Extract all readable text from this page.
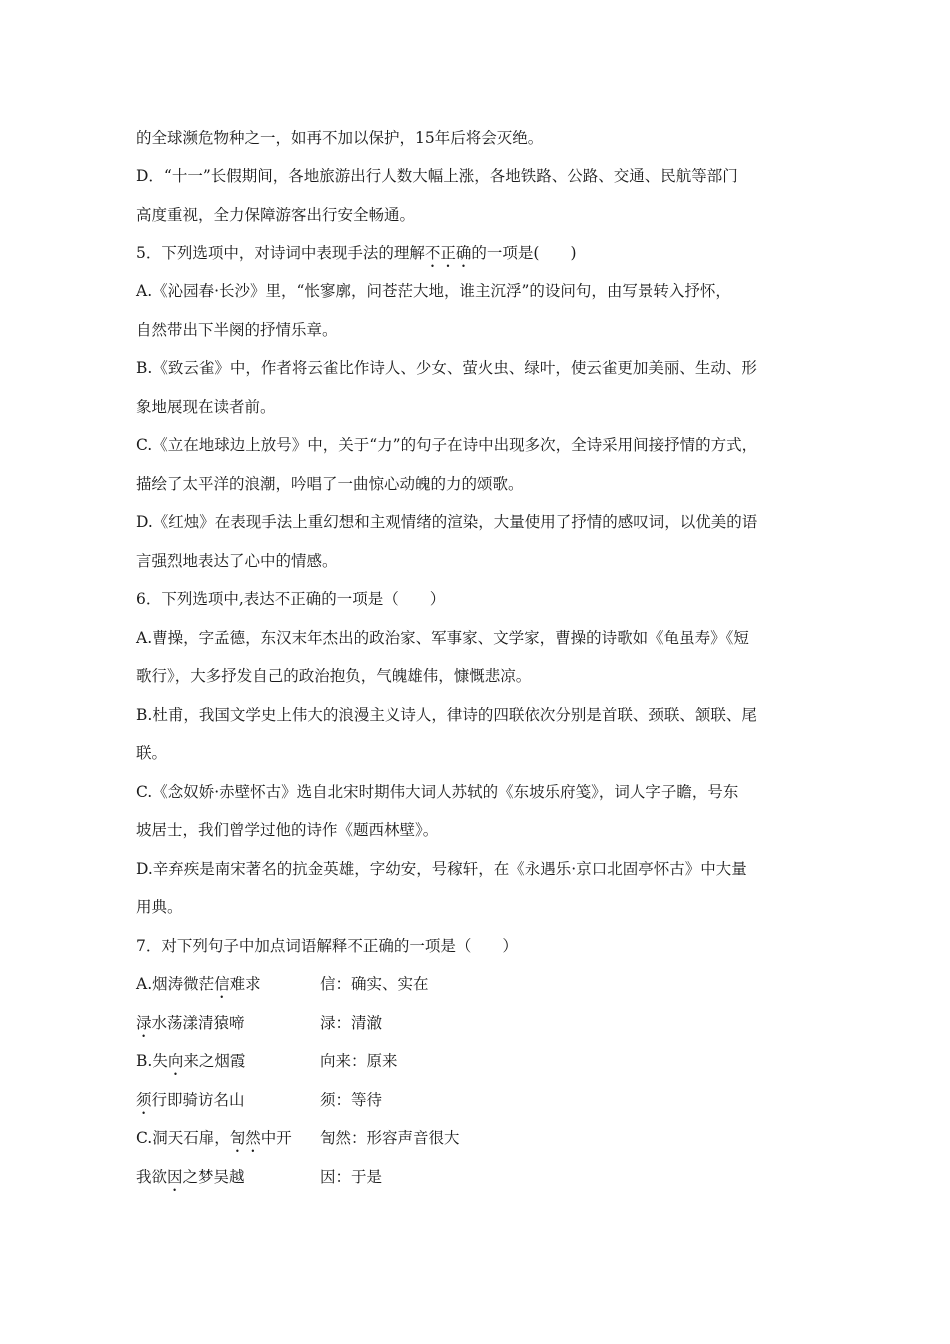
的全球濒危物种之一，如再不加以保护，15年后将会灭绝。
D．“十一”长假期间，各地旅游出行人数大幅上涨，各地铁路、公路、交通、民航等部门
高度重视，全力保障游客出行安全畅通。
5．下列选项中，对诗词中表现手法的理解不正确的一项是(　　)
A.《沁园春·长沙》里，“怅寥廓，问苍茫大地，谁主沉浮”的设问句，由写景转入抒怀，
自然带出下半阕的抒情乐章。
B.《致云雀》中，作者将云雀比作诗人、少女、萤火虫、绿叶，使云雀更加美丽、生动、形
象地展现在读者前。
C.《立在地球边上放号》中，关于“力”的句子在诗中出现多次，全诗采用间接抒情的方式，
描绘了太平洋的浪潮，吟唱了一曲惊心动魄的力的颂歌。
D.《红烛》在表现手法上重幻想和主观情绪的渲染，大量使用了抒情的感叹词，以优美的语
言强烈地表达了心中的情感。
6．下列选项中,表达不正确的一项是（　　）
A.曹操，字孟德，东汉末年杰出的政治家、军事家、文学家，曹操的诗歌如《龟虽寿》《短
歌行》，大多抒发自己的政治抱负，气魄雄伟，慷慨悲凉。
B.杜甫，我国文学史上伟大的浪漫主义诗人，律诗的四联依次分别是首联、颈联、颔联、尾
联。
C.《念奴娇·赤壁怀古》选自北宋时期伟大词人苏轼的《东坡乐府笺》，词人字子瞻，号东
坡居士，我们曾学过他的诗作《题西林壁》。
D.辛弃疾是南宋著名的抗金英雄，字幼安，号稼轩，在《永遇乐·京口北固亭怀古》中大量
用典。
7．对下列句子中加点词语解释不正确的一项是（　　）
A.烟涛微茫信难求	信：确实、实在
渌水荡漾清猿啼	渌：清澈
B.失向来之烟霞	向来：原来
须行即骑访名山	须：等待
C.洞天石扉，訇然中开	訇然：形容声音很大
我欲因之梦吴越	因：于是
